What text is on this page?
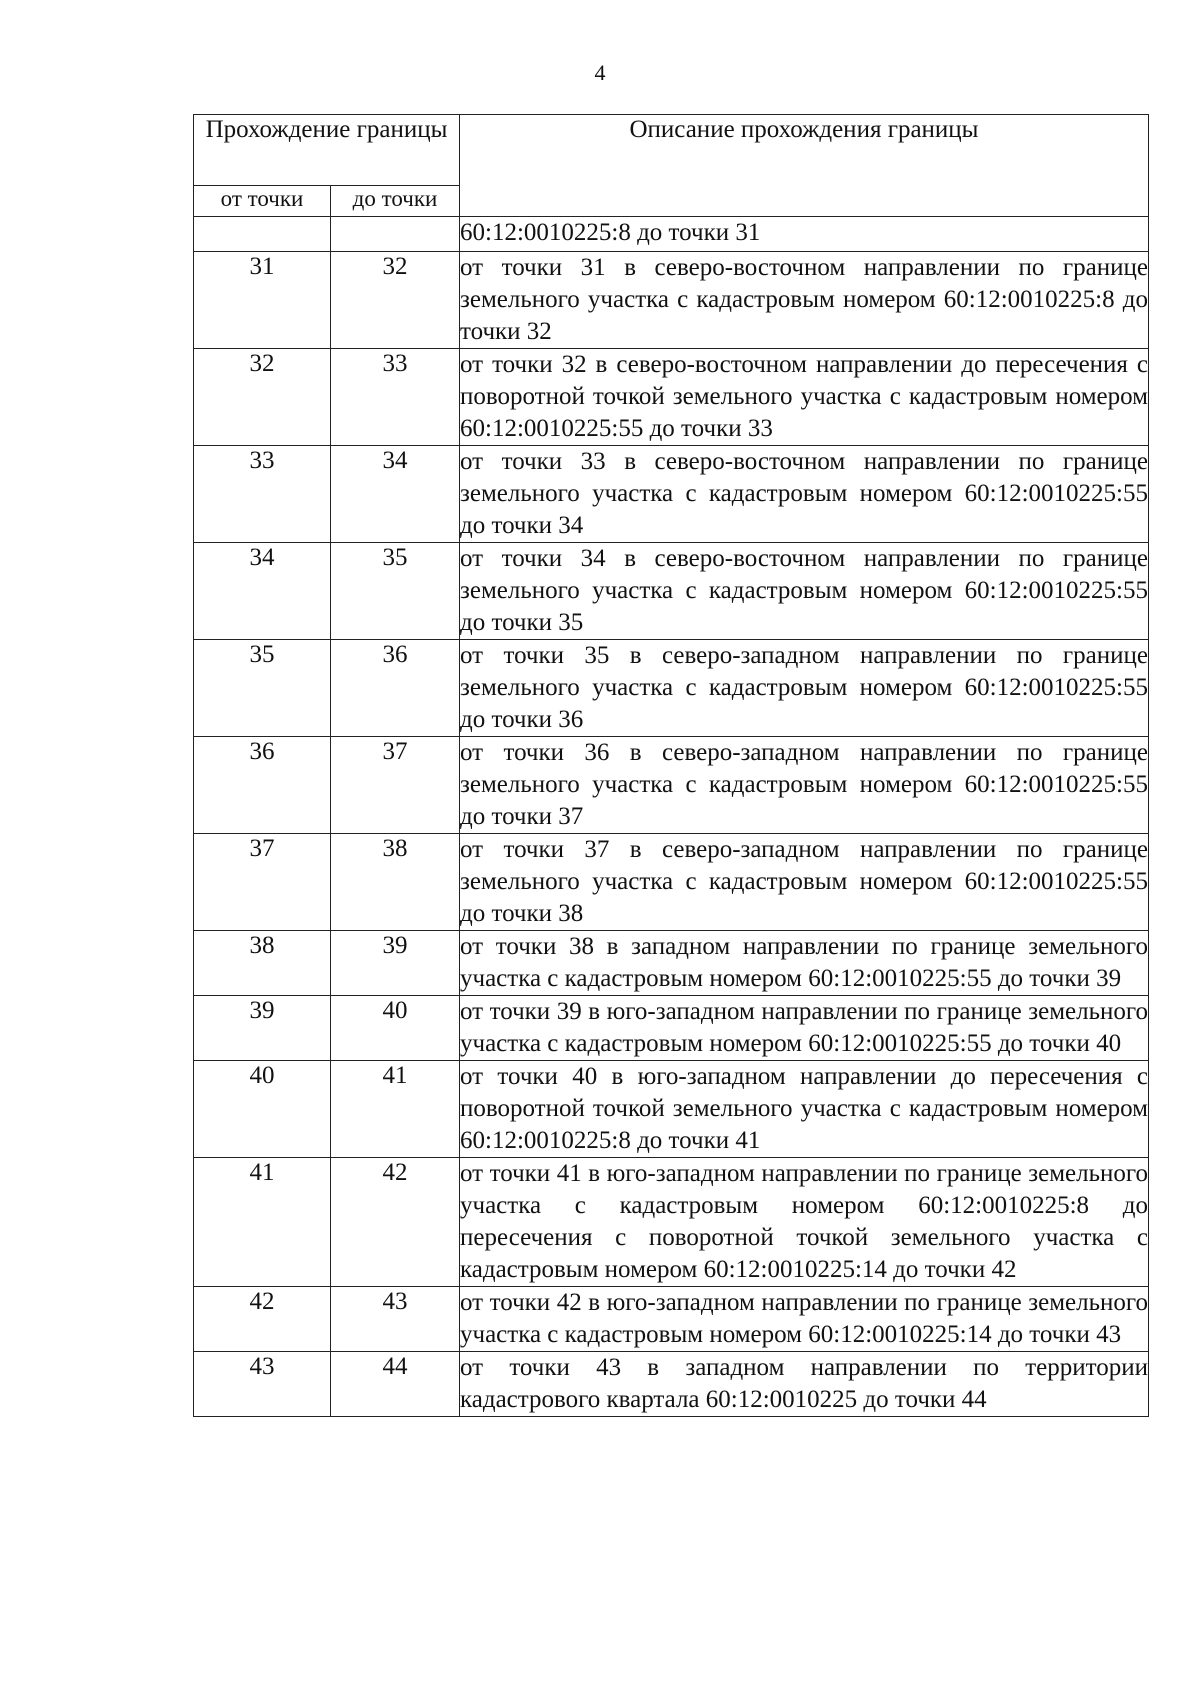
4
Прохождение границы		Описание прохождения границы
от точки	до точки	
		60:12:0010225:8 до точки 31
31	32	от точки 31 в северо-восточном направлении по границе земельного участка с кадастровым номером 60:12:0010225:8 до точки 32
32	33	от точки 32 в северо-восточном направлении до пересечения с поворотной точкой земельного участка с кадастровым номером 60:12:0010225:55 до точки 33
33	34	от точки 33 в северо-восточном направлении по границе земельного участка с кадастровым номером 60:12:0010225:55 до точки 34
34	35	от точки 34 в северо-восточном направлении по границе земельного участка с кадастровым номером 60:12:0010225:55 до точки 35
35	36	от точки 35 в северо-западном направлении по границе земельного участка с кадастровым номером 60:12:0010225:55 до точки 36
36	37	от точки 36 в северо-западном направлении по границе земельного участка с кадастровым номером 60:12:0010225:55 до точки 37
37	38	от точки 37 в северо-западном направлении по границе земельного участка с кадастровым номером 60:12:0010225:55 до точки 38
38	39	от точки 38 в западном направлении по границе земельного участка с кадастровым номером 60:12:0010225:55 до точки 39
39	40	от точки 39 в юго-западном направлении по границе земельного участка с кадастровым номером 60:12:0010225:55 до точки 40
40	41	от точки 40 в юго-западном направлении до пересечения с поворотной точкой земельного участка с кадастровым номером 60:12:0010225:8 до точки 41
41	42	от точки 41 в юго-западном направлении по границе земельного участка с кадастровым номером 60:12:0010225:8 до пересечения с поворотной точкой земельного участка с кадастровым номером 60:12:0010225:14 до точки 42
42	43	от точки 42 в юго-западном направлении по границе земельного участка с кадастровым номером 60:12:0010225:14 до точки 43
43	44	от точки 43 в западном направлении по территории кадастрового квартала 60:12:0010225 до точки 44
